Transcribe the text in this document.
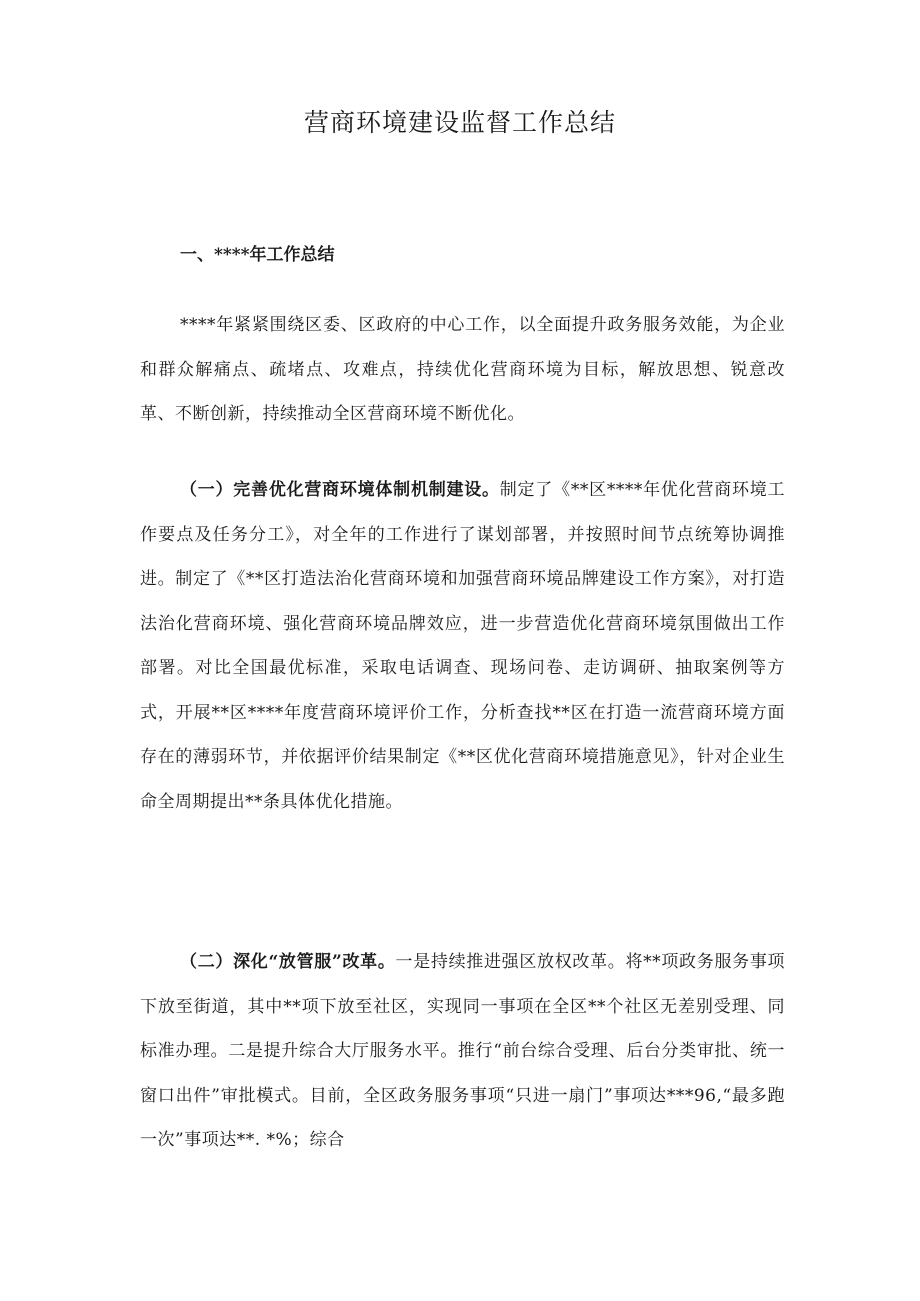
营商环境建设监督工作总结
一、****年工作总结

****年紧紧围绕区委、区政府的中心工作，以全面提升政务服务效能，为企业和群众解痛点、疏堵点、攻难点，持续优化营商环境为目标，解放思想、锐意改革、不断创新，持续推动全区营商环境不断优化。

（一）完善优化营商环境体制机制建设。制定了《**区****年优化营商环境工作要点及任务分工》，对全年的工作进行了谋划部署，并按照时间节点统筹协调推进。制定了《**区打造法治化营商环境和加强营商环境品牌建设工作方案》，对打造法治化营商环境、强化营商环境品牌效应，进一步营造优化营商环境氛围做出工作部署。对比全国最优标准，采取电话调查、现场问卷、走访调研、抽取案例等方式，开展**区****年度营商环境评价工作，分析查找**区在打造一流营商环境方面存在的薄弱环节，并依据评价结果制定《**区优化营商环境措施意见》，针对企业生命全周期提出**条具体优化措施。

（二）深化“放管服”改革。一是持续推进强区放权改革。将**项政务服务事项下放至街道，其中**项下放至社区，实现同一事项在全区**个社区无差别受理、同标准办理。二是提升综合大厅服务水平。推行“前台综合受理、后台分类审批、统一窗口出件”审批模式。目前，全区政务服务事项“只进一扇门”事项达***96,“最多跑一次”事项达**. *%；综合
